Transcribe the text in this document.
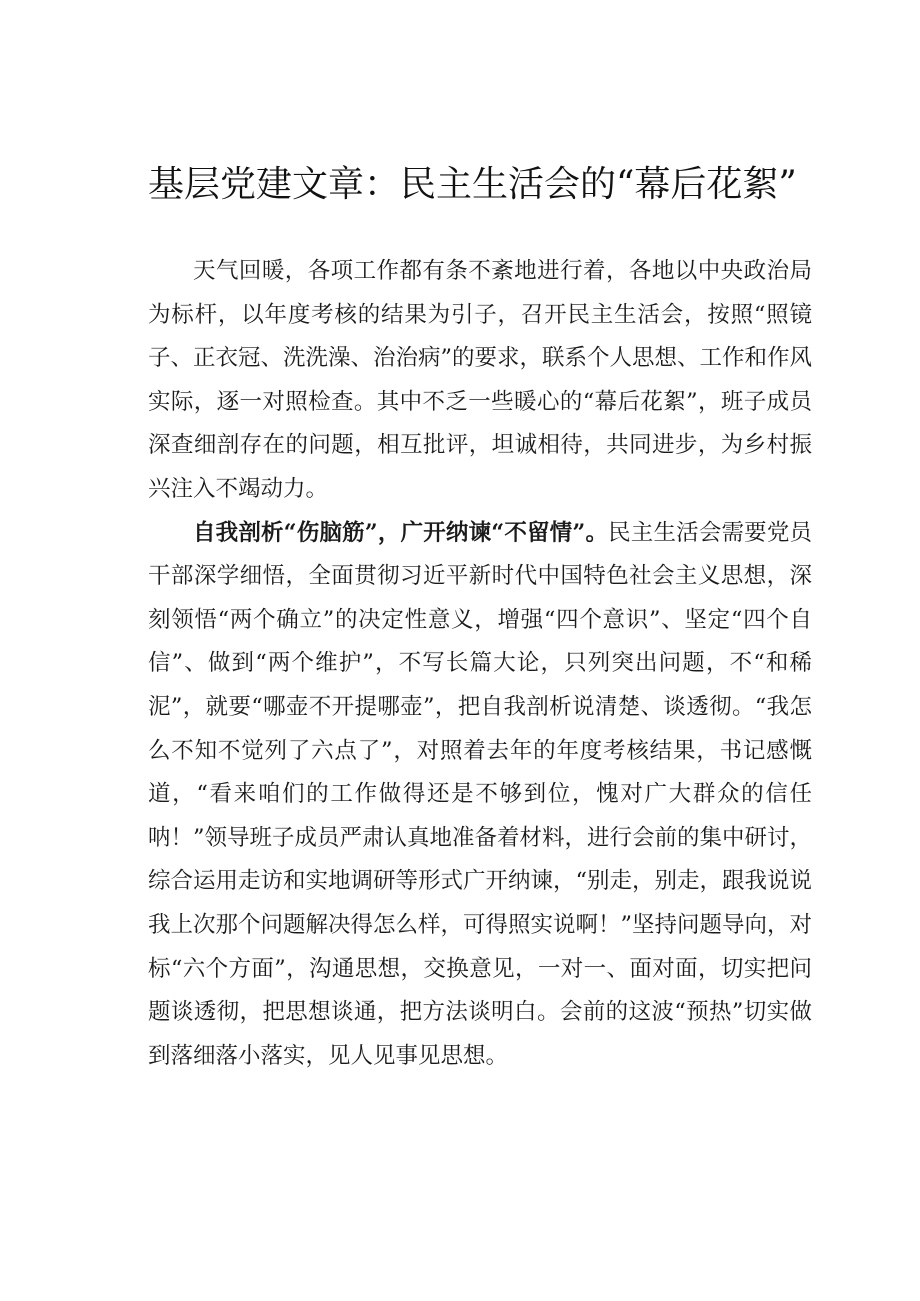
基层党建文章：民主生活会的“幕后花絮”

天气回暖，各项工作都有条不紊地进行着，各地以中央政治局为标杆，以年度考核的结果为引子，召开民主生活会，按照“照镜子、正衣冠、洗洗澡、治治病”的要求，联系个人思想、工作和作风实际，逐一对照检查。其中不乏一些暖心的“幕后花絮”，班子成员深查细剖存在的问题，相互批评，坦诚相待，共同进步，为乡村振兴注入不竭动力。

自我剖析“伤脑筋”，广开纳谏“不留情”。民主生活会需要党员干部深学细悟，全面贯彻习近平新时代中国特色社会主义思想，深刻领悟“两个确立”的决定性意义，增强“四个意识”、坚定“四个自信”、做到“两个维护”，不写长篇大论，只列突出问题，不“和稀泥”，就要“哪壶不开提哪壶”，把自我剖析说清楚、谈透彻。“我怎么不知不觉列了六点了”，对照着去年的年度考核结果，书记感慨道，“看来咱们的工作做得还是不够到位，愧对广大群众的信任呐！”领导班子成员严肃认真地准备着材料，进行会前的集中研讨，综合运用走访和实地调研等形式广开纳谏，“别走，别走，跟我说说我上次那个问题解决得怎么样，可得照实说啊！”坚持问题导向，对标“六个方面”，沟通思想，交换意见，一对一、面对面，切实把问题谈透彻，把思想谈通，把方法谈明白。会前的这波“预热”切实做到落细落小落实，见人见事见思想。
